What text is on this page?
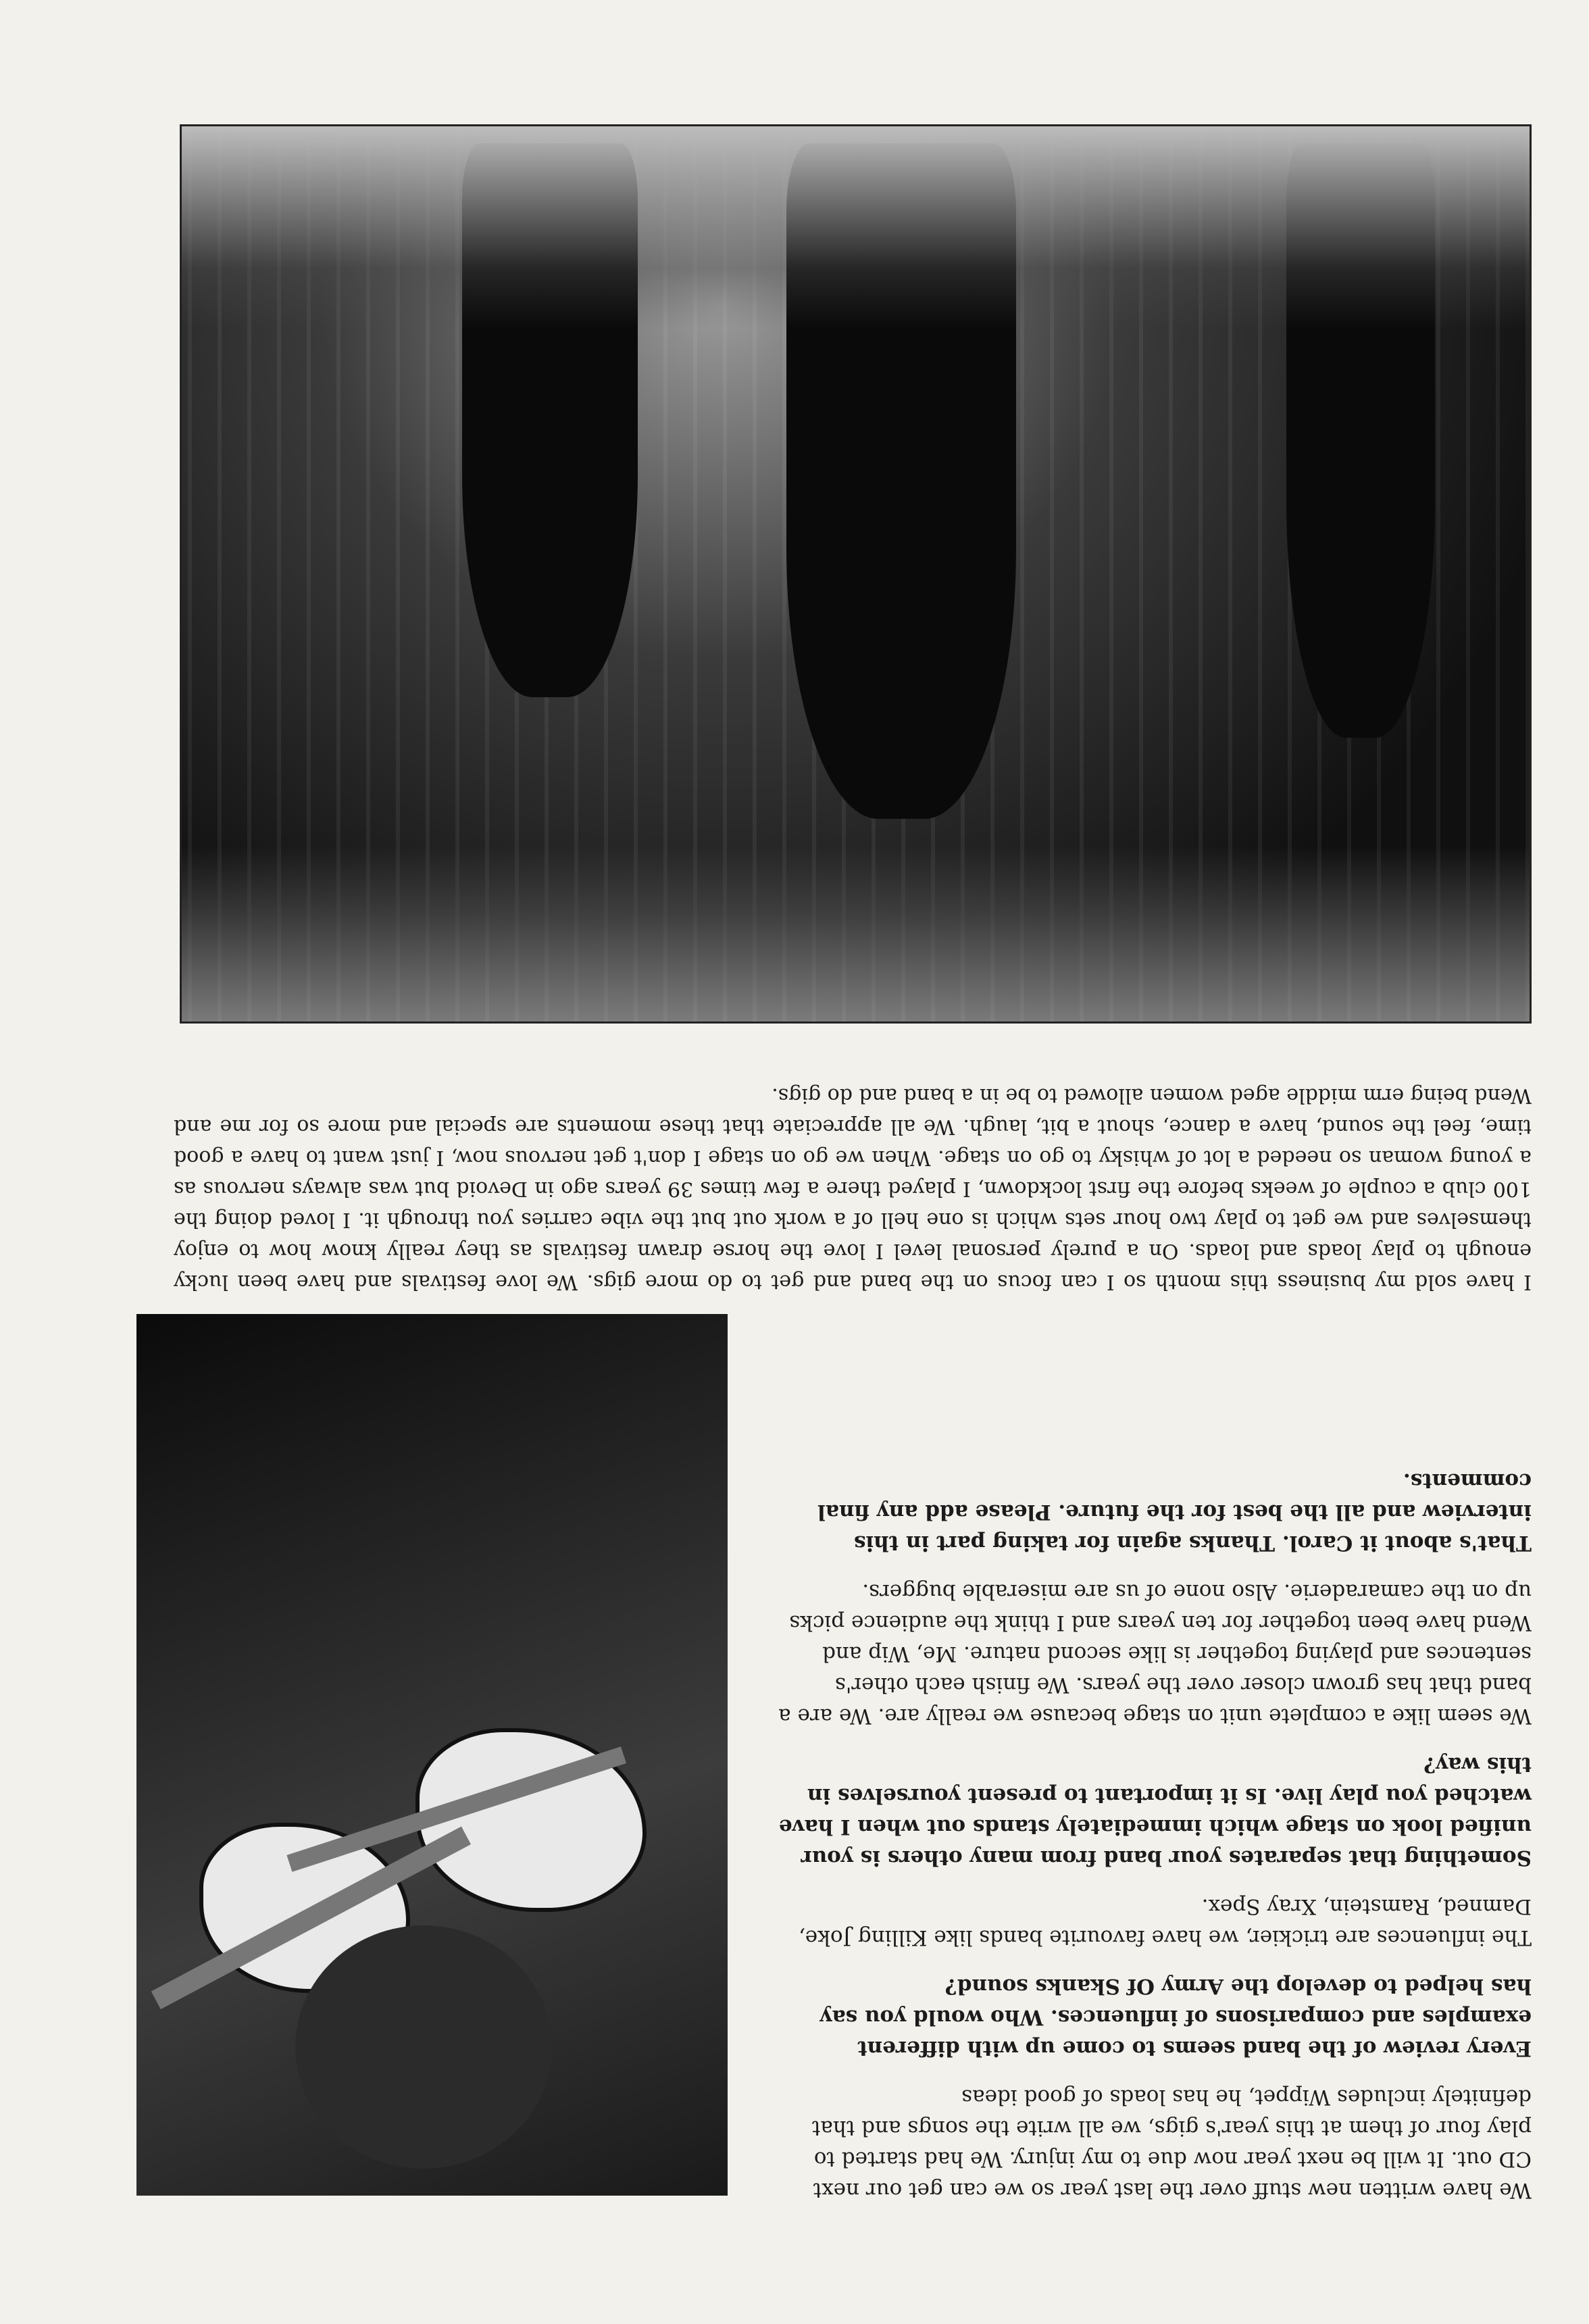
We have written new stuff over the last year so we can get our next CD out. It will be next year now due to my injury. We had started to play four of them at this year's gigs, we all write the songs and that definitely includes Wippet, he has loads of good ideas

Every review of the band seems to come up with different examples and comparisons of influences. Who would you say has helped to develop the Army Of Skanks sound?

The influences are trickier, we have favourite bands like Killing Joke, Damned, Ramstein, Xray Spex.

Something that separates your band from many others is your unified look on stage which immediately stands out when I have watched you play live. Is it important to present yourselves in this way?

We seem like a complete unit on stage because we really are. We are a band that has grown closer over the years. We finish each other's sentences and playing together is like second nature. Me, Wip and Wend have been together for ten years and I think the audience picks up on the camaraderie. Also none of us are miserable buggers.

That's about it Carol. Thanks again for taking part in this interview and all the best for the future. Please add any final comments.

I have sold my business this month so I can focus on the band and get to do more gigs. We love festivals and have been lucky enough to play loads and loads. On a purely personal level I love the horse drawn festivals as they really know how to enjoy themselves and we get to play two hour sets which is one hell of a work out but the vibe carries you through it. I loved doing the 100 club a couple of weeks before the first lockdown, I played there a few times 39 years ago in Devoid but was always nervous as a young woman so needed a lot of whisky to go on stage. When we go on stage I don't get nervous now, I just want to have a good time, feel the sound, have a dance, shout a bit, laugh. We all appreciate that these moments are special and more so for me and Wend being erm middle aged women allowed to be in a band and do gigs.
